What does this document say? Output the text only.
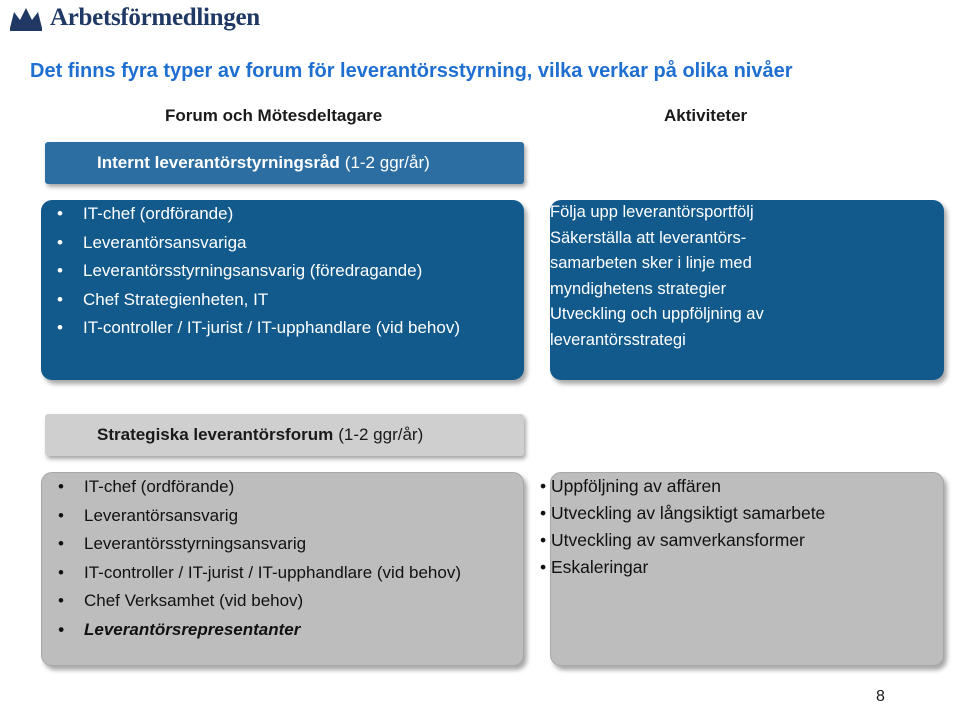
Arbetsförmedlingen
Det finns fyra typer av forum för leverantörsstyrning, vilka verkar på olika nivåer
Forum och Mötesdeltagare	Aktiviteter
Internt leverantörstyrningsråd (1-2 ggr/år)
• IT-chef (ordförande)
• Leverantörsansvariga
• Leverantörsstyrningsansvarig (föredragande)
• Chef Strategienheten, IT
• IT-controller / IT-jurist / IT-upphandlare (vid behov)
• Följa upp leverantörsportfölj
• Säkerställa att leverantörs-
samarbeten sker i linje med
myndighetens strategier
• Utveckling och uppföljning av
leverantörsstrategi
Strategiska leverantörsforum (1-2 ggr/år)
• IT-chef (ordförande)
• Leverantörsansvarig
• Leverantörsstyrningsansvarig
• IT-controller / IT-jurist / IT-upphandlare (vid behov)
• Chef Verksamhet (vid behov)
• Leverantörsrepresentanter
• Uppföljning av affären
• Utveckling av långsiktigt samarbete
• Utveckling av samverkansformer
• Eskaleringar
8
